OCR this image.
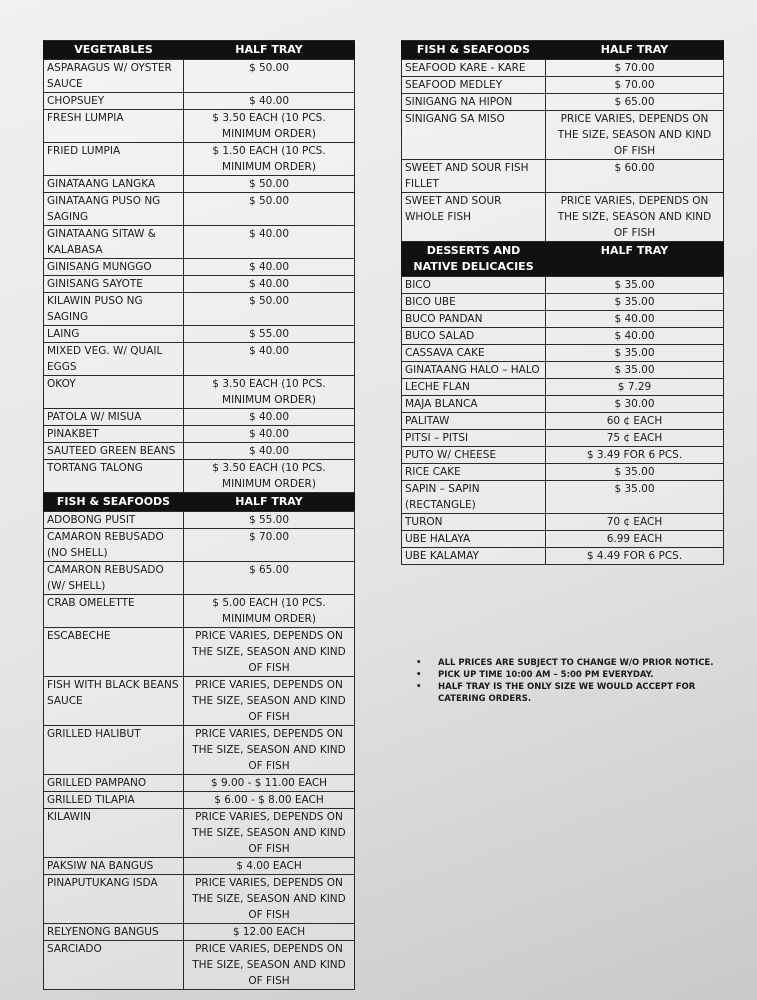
VEGETABLES	HALF TRAY
ASPARAGUS W/ OYSTER SAUCE	$ 50.00
CHOPSUEY	$ 40.00
FRESH LUMPIA	$ 3.50 EACH (10 PCS. MINIMUM ORDER)
FRIED LUMPIA	$ 1.50 EACH (10 PCS. MINIMUM ORDER)
GINATAANG LANGKA	$ 50.00
GINATAANG PUSO NG SAGING	$ 50.00
GINATAANG SITAW & KALABASA	$ 40.00
GINISANG MUNGGO	$ 40.00
GINISANG SAYOTE	$ 40.00
KILAWIN PUSO NG SAGING	$ 50.00
LAING	$ 55.00
MIXED VEG. W/ QUAIL EGGS	$ 40.00
OKOY	$ 3.50 EACH (10 PCS. MINIMUM ORDER)
PATOLA W/ MISUA	$ 40.00
PINAKBET	$ 40.00
SAUTEED GREEN BEANS	$ 40.00
TORTANG TALONG	$ 3.50 EACH (10 PCS. MINIMUM ORDER)
FISH & SEAFOODS	HALF TRAY
ADOBONG PUSIT	$ 55.00
CAMARON REBUSADO (NO SHELL)	$ 70.00
CAMARON REBUSADO (W/ SHELL)	$ 65.00
CRAB OMELETTE	$ 5.00 EACH (10 PCS. MINIMUM ORDER)
ESCABECHE	PRICE VARIES, DEPENDS ON THE SIZE, SEASON AND KIND OF FISH
FISH WITH BLACK BEANS SAUCE	PRICE VARIES, DEPENDS ON THE SIZE, SEASON AND KIND OF FISH
GRILLED HALIBUT	PRICE VARIES, DEPENDS ON THE SIZE, SEASON AND KIND OF FISH
GRILLED PAMPANO	$ 9.00 - $ 11.00 EACH
GRILLED TILAPIA	$ 6.00 - $ 8.00 EACH
KILAWIN	PRICE VARIES, DEPENDS ON THE SIZE, SEASON AND KIND OF FISH
PAKSIW NA BANGUS	$ 4.00 EACH
PINAPUTUKANG ISDA	PRICE VARIES, DEPENDS ON THE SIZE, SEASON AND KIND OF FISH
RELYENONG BANGUS	$ 12.00 EACH
SARCIADO	PRICE VARIES, DEPENDS ON THE SIZE, SEASON AND KIND OF FISH
FISH & SEAFOODS	HALF TRAY
SEAFOOD KARE - KARE	$ 70.00
SEAFOOD MEDLEY	$ 70.00
SINIGANG NA HIPON	$ 65.00
SINIGANG SA MISO	PRICE VARIES, DEPENDS ON THE SIZE, SEASON AND KIND OF FISH
SWEET AND SOUR FISH FILLET	$ 60.00
SWEET AND SOUR WHOLE FISH	PRICE VARIES, DEPENDS ON THE SIZE, SEASON AND KIND OF FISH
DESSERTS AND NATIVE DELICACIES	HALF TRAY
BICO	$ 35.00
BICO UBE	$ 35.00
BUCO PANDAN	$ 40.00
BUCO SALAD	$ 40.00
CASSAVA CAKE	$ 35.00
GINATAANG HALO – HALO	$ 35.00
LECHE FLAN	$ 7.29
MAJA BLANCA	$ 30.00
PALITAW	60 ¢ EACH
PITSI – PITSI	75 ¢ EACH
PUTO W/ CHEESE	$ 3.49 FOR 6 PCS.
RICE CAKE	$ 35.00
SAPIN – SAPIN (RECTANGLE)	$ 35.00
TURON	70 ¢ EACH
UBE HALAYA	6.99 EACH
UBE KALAMAY	$ 4.49 FOR 6 PCS.
• ALL PRICES ARE SUBJECT TO CHANGE W/O PRIOR NOTICE.
• PICK UP TIME 10:00 AM – 5:00 PM EVERYDAY.
• HALF TRAY IS THE ONLY SIZE WE WOULD ACCEPT FOR CATERING ORDERS.
